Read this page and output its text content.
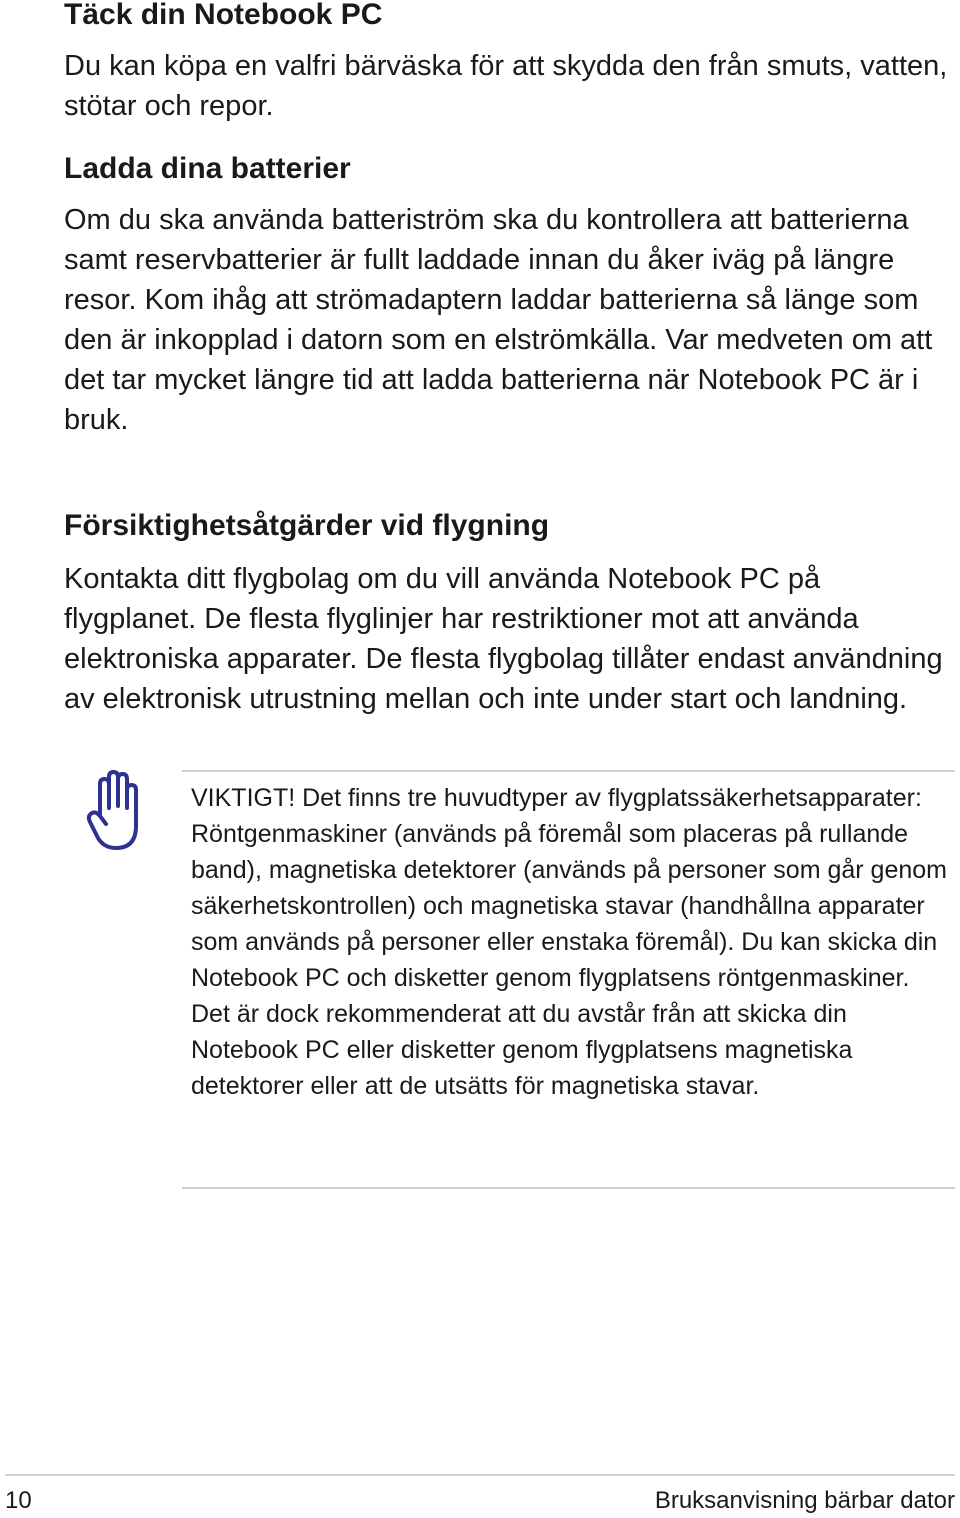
Täck din Notebook PC

Du kan köpa en valfri bärväska för att skydda den från smuts, vatten, stötar och repor.

Ladda dina batterier

Om du ska använda batteriström ska du kontrollera att batterierna samt reservbatterier är fullt laddade innan du åker iväg på längre resor. Kom ihåg att strömadaptern laddar batterierna så länge som den är inkopplad i datorn som en elströmkälla. Var medveten om att det tar mycket längre tid att ladda batterierna när Notebook PC är i bruk.

Försiktighetsåtgärder vid flygning

Kontakta ditt flygbolag om du vill använda Notebook PC på flygplanet. De flesta flyglinjer har restriktioner mot att använda elektroniska apparater. De flesta flygbolag tillåter endast användning av elektronisk utrustning mellan och inte under start och landning.

VIKTIGT! Det finns tre huvudtyper av flygplatssäkerhetsapparater: Röntgenmaskiner (används på föremål som placeras på rullande band), magnetiska detektorer (används på personer som går genom säkerhetskontrollen) och magnetiska stavar (handhållna apparater som används på personer eller enstaka föremål). Du kan skicka din Notebook PC och disketter genom flygplatsens röntgenmaskiner. Det är dock rekommenderat att du avstår från att skicka din Notebook PC eller disketter genom flygplatsens magnetiska detektorer eller att de utsätts för magnetiska stavar.

10	Bruksanvisning bärbar dator
